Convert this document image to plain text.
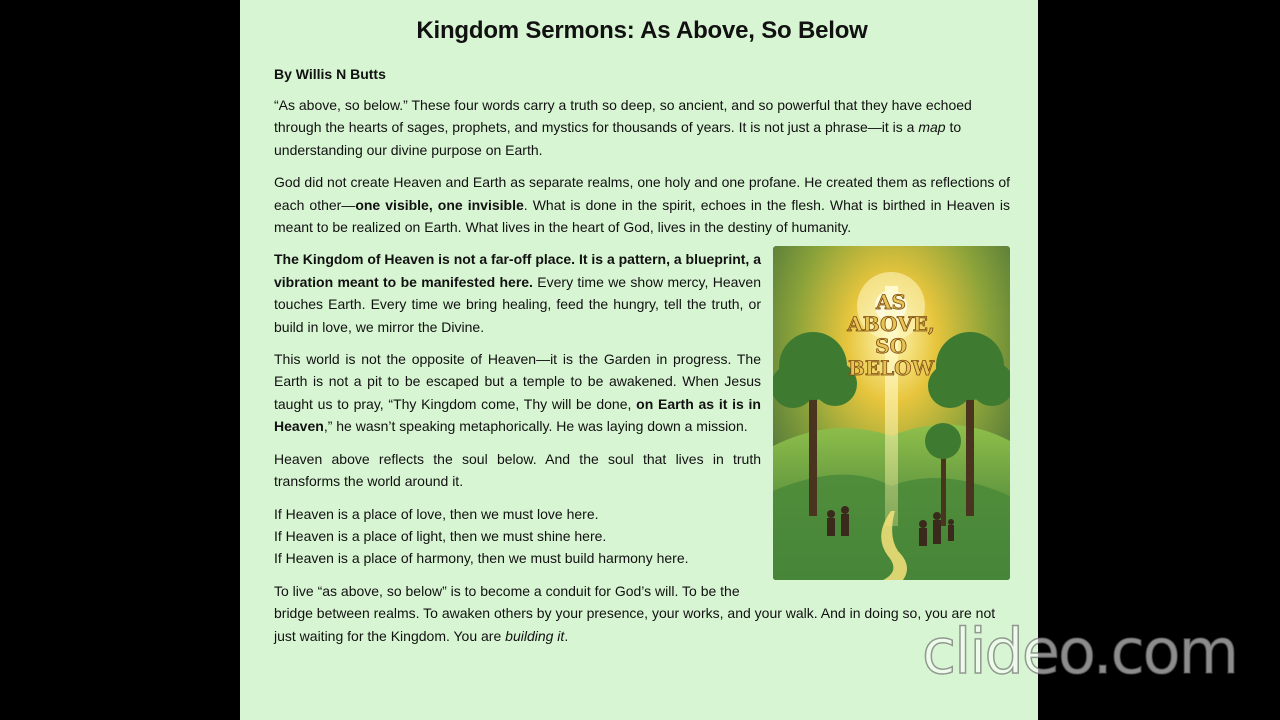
Kingdom Sermons: As Above, So Below

By Willis N Butts

“As above, so below.” These four words carry a truth so deep, so ancient, and so powerful that they have echoed through the hearts of sages, prophets, and mystics for thousands of years. It is not just a phrase—it is a map to understanding our divine purpose on Earth.

God did not create Heaven and Earth as separate realms, one holy and one profane. He created them as reflections of each other—one visible, one invisible. What is done in the spirit, echoes in the flesh. What is birthed in Heaven is meant to be realized on Earth. What lives in the heart of God, lives in the destiny of humanity.

AS
ABOVE,
SO
BELOW

The Kingdom of Heaven is not a far-off place. It is a pattern, a blueprint, a vibration meant to be manifested here. Every time we show mercy, Heaven touches Earth. Every time we bring healing, feed the hungry, tell the truth, or build in love, we mirror the Divine.

This world is not the opposite of Heaven—it is the Garden in progress. The Earth is not a pit to be escaped but a temple to be awakened. When Jesus taught us to pray, “Thy Kingdom come, Thy will be done, on Earth as it is in Heaven,” he wasn’t speaking metaphorically. He was laying down a mission.

Heaven above reflects the soul below. And the soul that lives in truth transforms the world around it.

If Heaven is a place of love, then we must love here.
If Heaven is a place of light, then we must shine here.
If Heaven is a place of harmony, then we must build harmony here.

To live “as above, so below” is to become a conduit for God’s will. To be the bridge between realms. To awaken others by your presence, your works, and your walk. And in doing so, you are not just waiting for the Kingdom. You are building it.	clideo.com
